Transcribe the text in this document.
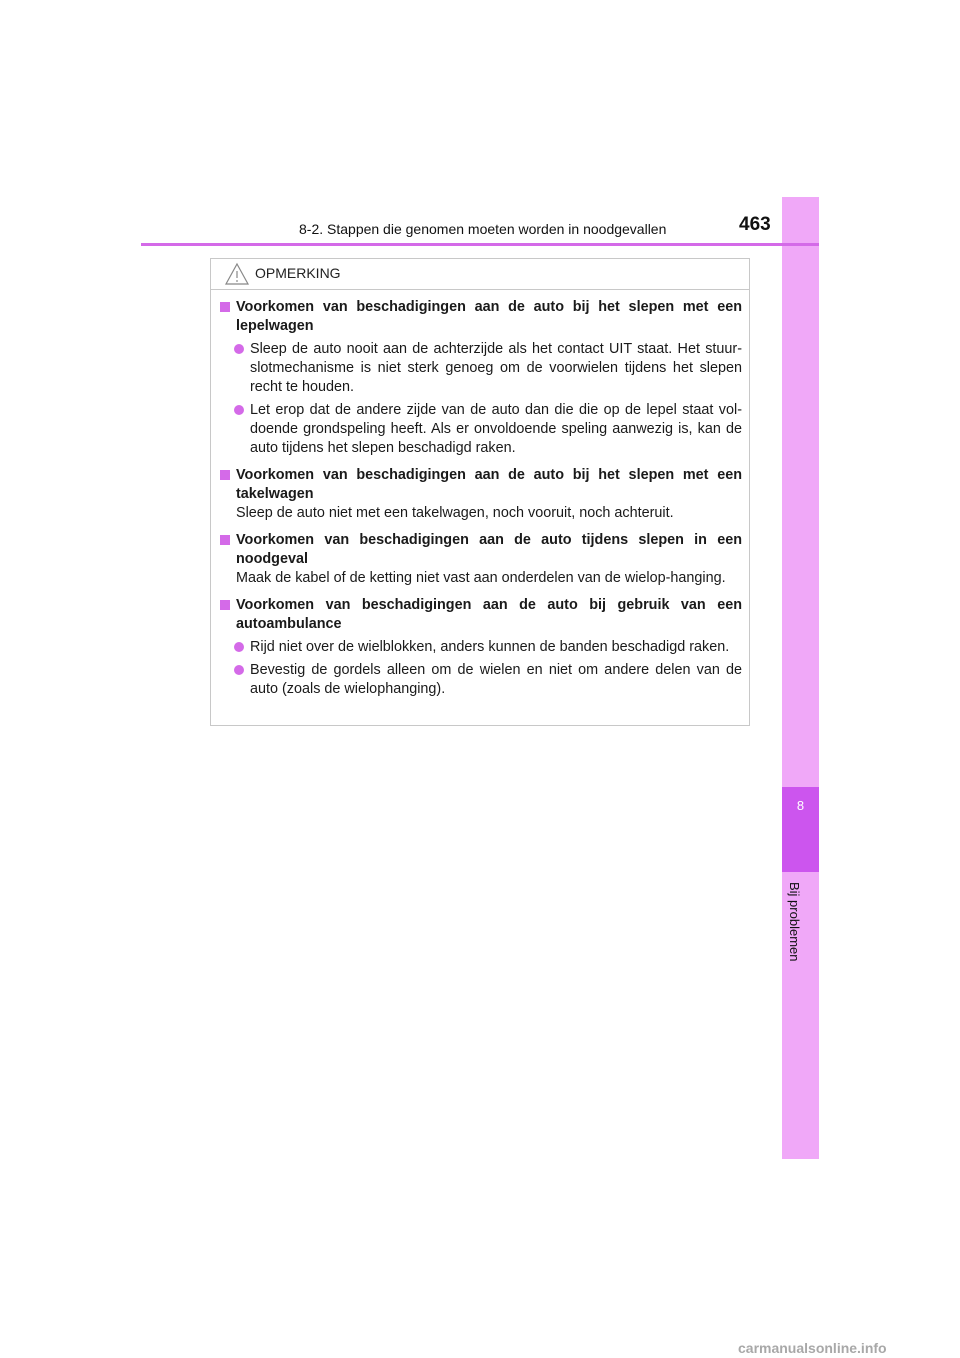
8
Bij problemen
8-2. Stappen die genomen moeten worden in noodgevallen	463
OPMERKING
Voorkomen van beschadigingen aan de auto bij het slepen met een lepelwagen
Sleep de auto nooit aan de achterzijde als het contact UIT staat. Het stuur-slotmechanisme is niet sterk genoeg om de voorwielen tijdens het slepen recht te houden.
Let erop dat de andere zijde van de auto dan die die op de lepel staat vol-doende grondspeling heeft. Als er onvoldoende speling aanwezig is, kan de auto tijdens het slepen beschadigd raken.
Voorkomen van beschadigingen aan de auto bij het slepen met een takelwagen
Sleep de auto niet met een takelwagen, noch vooruit, noch achteruit.
Voorkomen van beschadigingen aan de auto tijdens slepen in een noodgeval
Maak de kabel of de ketting niet vast aan onderdelen van de wielop-hanging.
Voorkomen van beschadigingen aan de auto bij gebruik van een autoambulance
Rijd niet over de wielblokken, anders kunnen de banden beschadigd raken.
Bevestig de gordels alleen om de wielen en niet om andere delen van de auto (zoals de wielophanging).
carmanualsonline.info
